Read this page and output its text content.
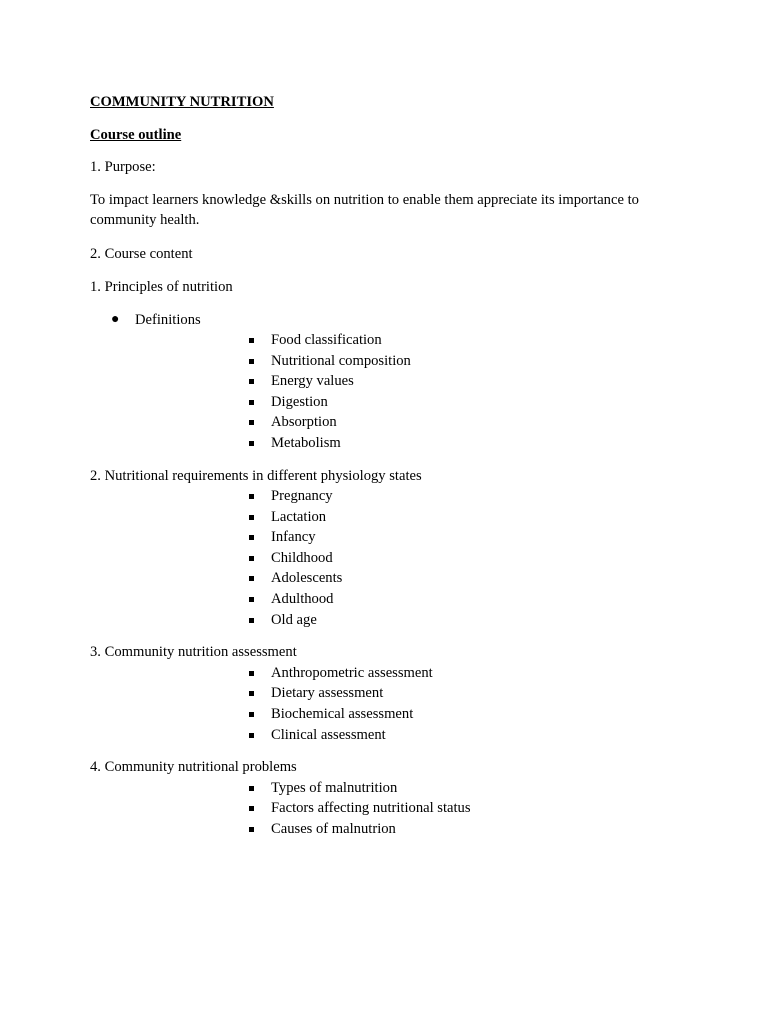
COMMUNITY NUTRITION

Course outline

1. Purpose:

To impact learners knowledge &skills on nutrition to enable them appreciate its importance to community health.

2. Course content

1. Principles of nutrition

● Definitions
Food classification
Nutritional composition
Energy values
Digestion
Absorption
Metabolism

2. Nutritional requirements in different physiology states

Pregnancy
Lactation
Infancy
Childhood
Adolescents
Adulthood
Old age

3. Community nutrition assessment

Anthropometric assessment
Dietary assessment
Biochemical assessment
Clinical assessment

4. Community nutritional problems

Types of malnutrition
Factors affecting nutritional status
Causes of malnutrion
